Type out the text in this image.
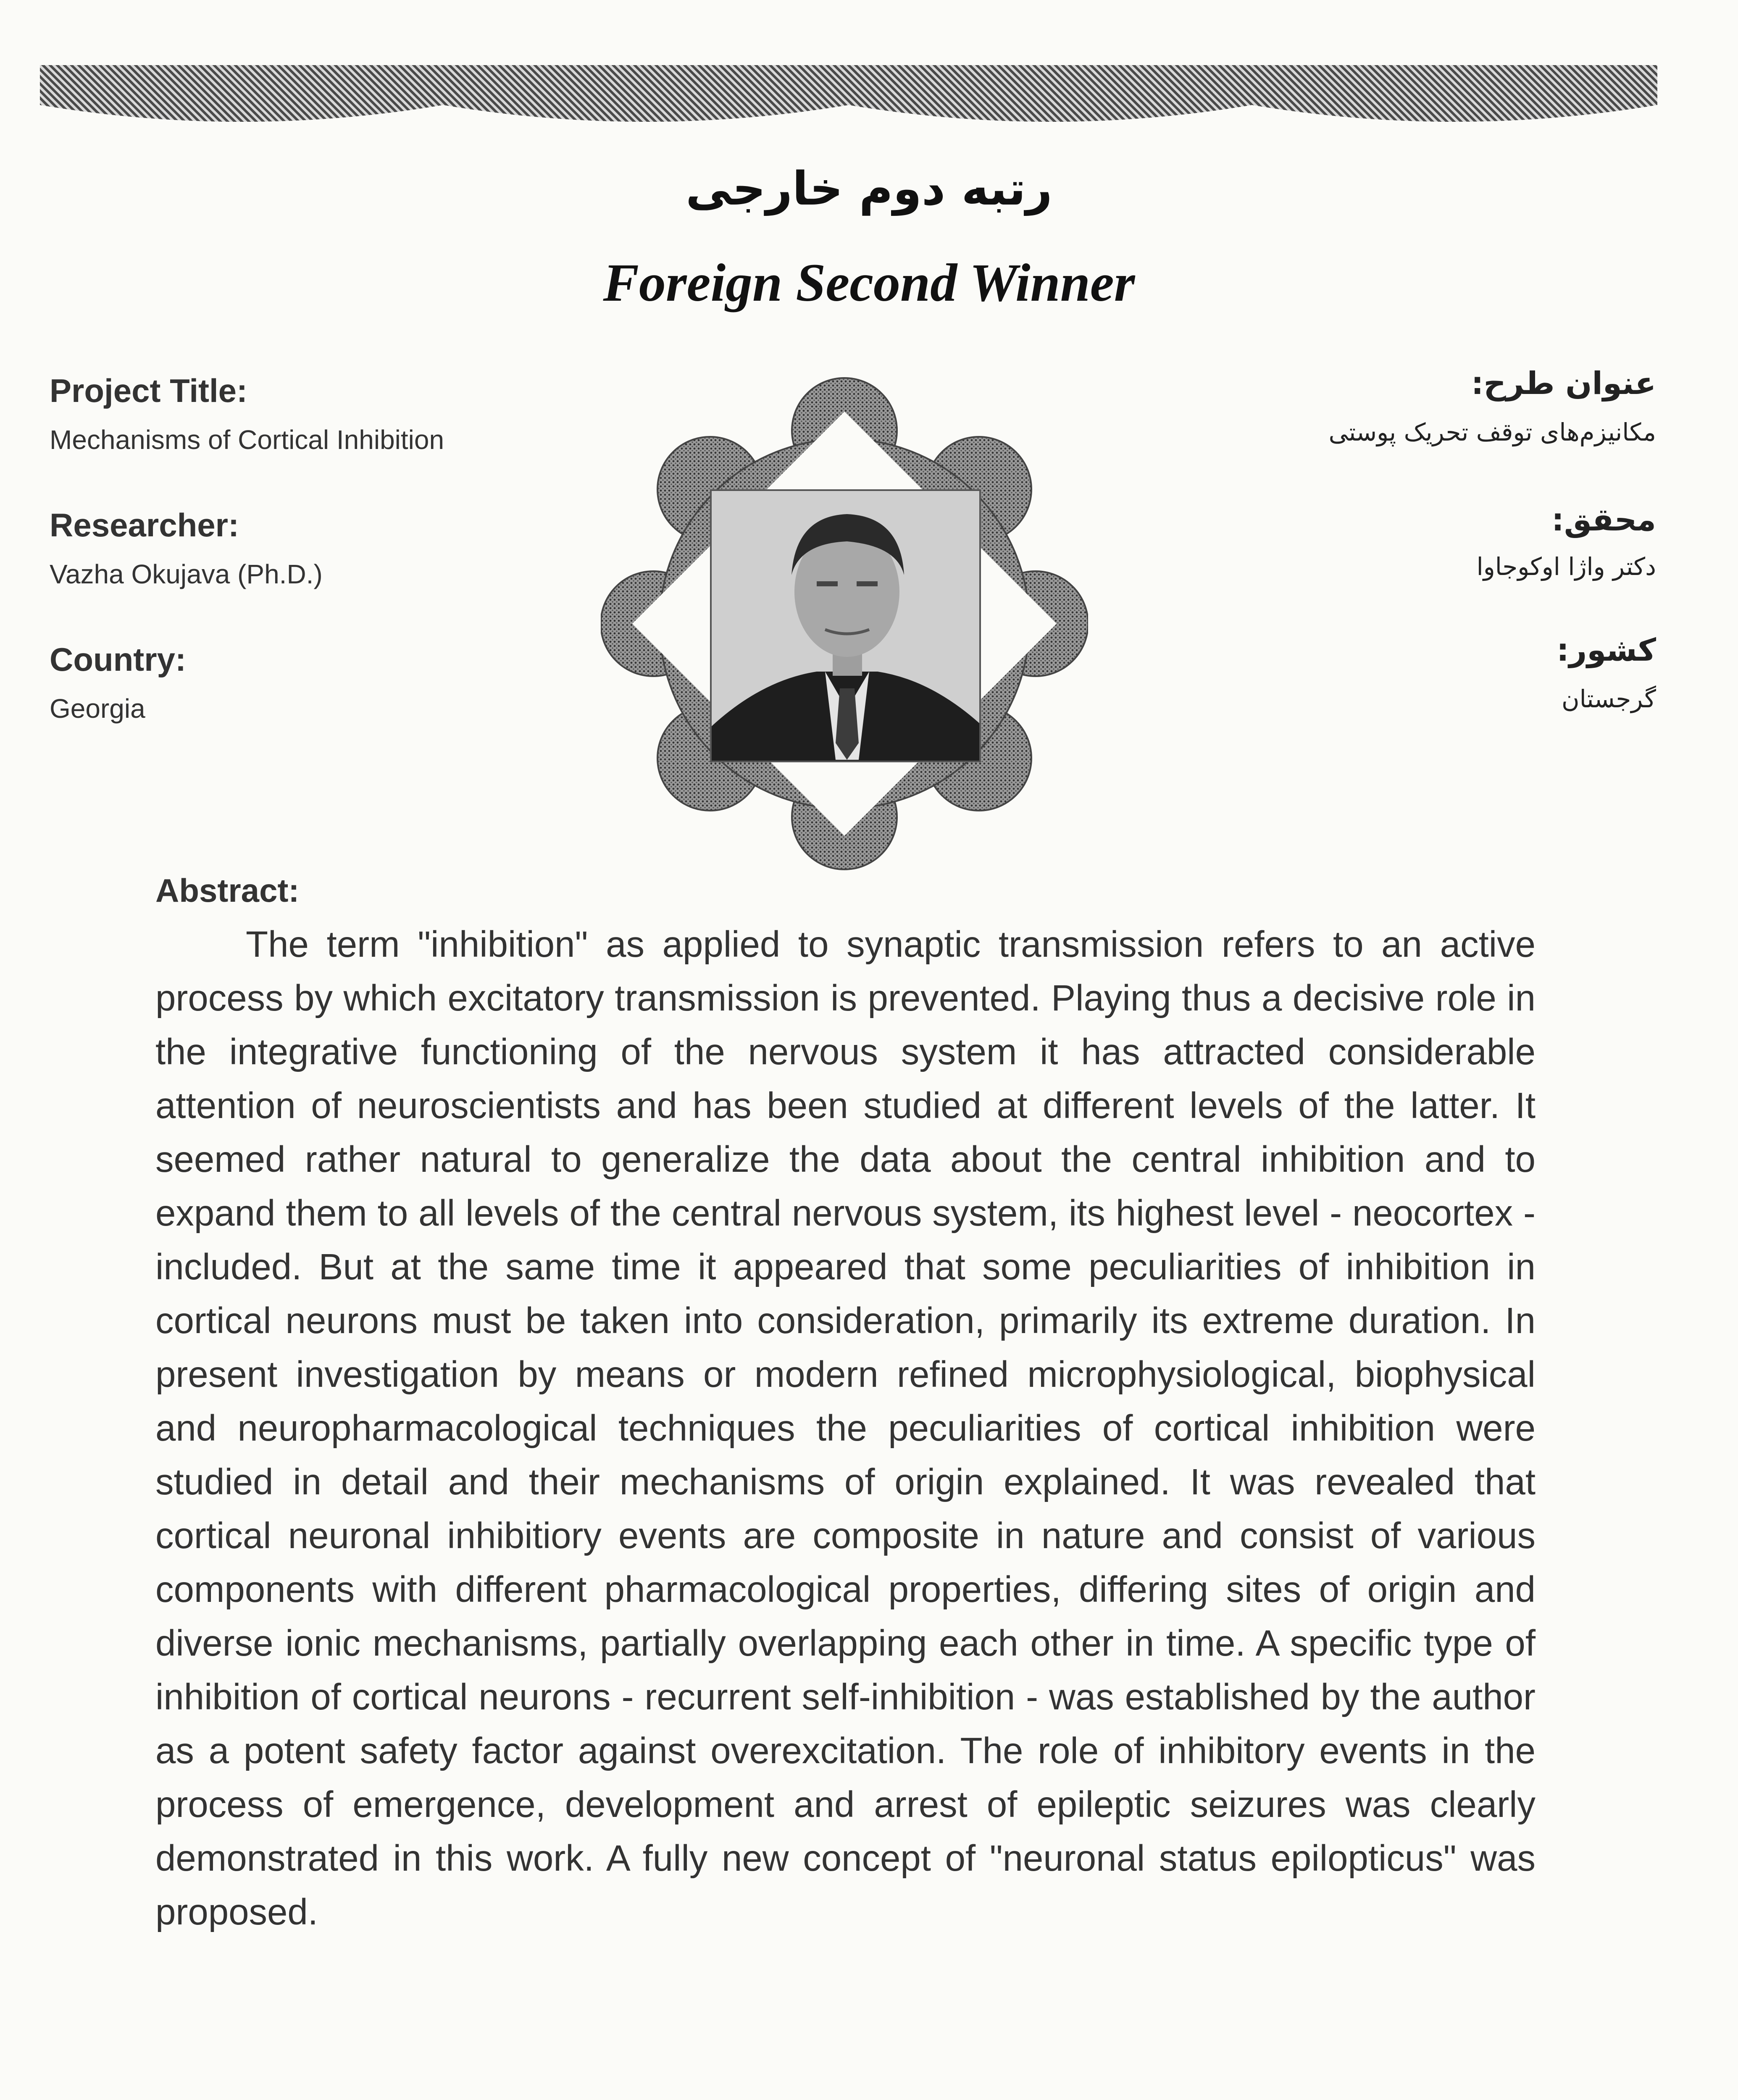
رتبه دوم خارجی
Foreign Second Winner
Project Title:
Mechanisms of Cortical Inhibition
Researcher:
Vazha Okujava (Ph.D.)
Country:
Georgia
عنوان طرح:
مکانیزم‌های توقف تحریک پوستی
محقق:
دکتر واژا اوکوجاوا
کشور:
گرجستان
Abstract:
The term "inhibition" as applied to synaptic transmission refers to an active process by which excitatory transmission is prevented. Playing thus a decisive role in the integrative functioning of the nervous system it has attracted considerable attention of neuroscientists and has been studied at different levels of the latter. It seemed rather natural to generalize the data about the central inhibition and to expand them to all levels of the central nervous system, its highest level - neocortex - included. But at the same time it appeared that some peculiarities of inhibition in cortical neurons must be taken into consideration, primarily its extreme duration. In present investigation by means or modern refined microphysiological, biophysical and neuropharmacological techniques the peculiarities of cortical inhibition were studied in detail and their mechanisms of origin explained. It was revealed that cortical neuronal inhibitiory events are composite in nature and consist of various components with different pharmacological properties, differing sites of origin and diverse ionic mechanisms, partially overlapping each other in time. A specific type of inhibition of cortical neurons - recurrent self-inhibition - was established by the author as a potent safety factor against overexcitation. The role of inhibitory events in the process of emergence, development and arrest of epileptic seizures was clearly demonstrated in this work. A fully new concept of "neuronal status epilopticus" was proposed.
